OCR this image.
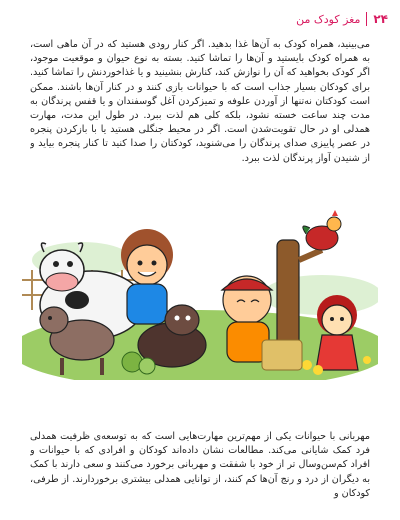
۲۴
مغز کودک من
می‌بینید، همراه کودک به آن‌ها غذا بدهید. اگر کنار رودی هستید که در آن ماهی است، به همراه کودک بایستید و آن‌ها را تماشا کنید. بسته به نوع حیوان و موقعیت موجود، اگر کودک بخواهید که آن را نوازش کند، کنارش بنشینید و یا غذاخوردنش را تماشا کنید. برای کودکان بسیار جذاب است که با حیوانات بازی کنند و در کنار آن‌ها باشند. ممکن است کودکتان نه‌تنها از آوردن علوفه و تمیزکردن آغل گوسفندان و یا قفس پرندگان به مدت چند ساعت خسته نشود، بلکه کلی هم لذت ببرد. در طول این مدت، مهارت همدلی او در حال تقویت‌شدن است. اگر در محیط جنگلی هستید یا با بازکردن پنجره در عصر پاییزی صدای پرندگان را می‌شنوید، کودکتان را صدا کنید تا کنار پنجره بیاید و از شنیدن آواز پرندگان لذت ببرد.
مهربانی با حیوانات یکی از مهم‌ترین مهارت‌هایی است که به توسعه‌ی ظرفیت همدلی فرد کمک شایانی می‌کند. مطالعات نشان داده‌اند کودکان و افرادی که با حیوانات و افراد کم‌سن‌وسال تر از خود با شفقت و مهربانی برخورد می‌کنند و سعی دارند با کمک به دیگران از درد و رنج آن‌ها کم کنند، از توانایی همدلی بیشتری برخوردارند. از طرفی، کودکان و
